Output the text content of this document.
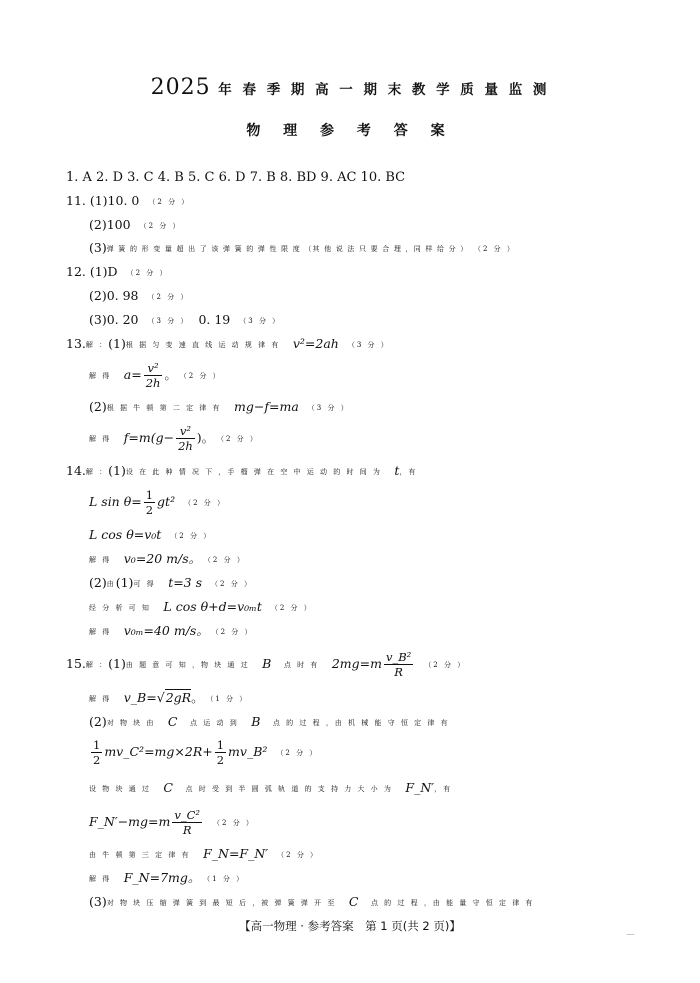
2025 年 春 季 期 高 一 期 末 教 学 质 量 监 测
物 理 参 考 答 案
1. A 2. D 3. C 4. B 5. C 6. D 7. B 8. BD 9. AC 10. BC
11. (1)10. 0　 （2 分 ）
(2)100　 （2 分 ）
(3)弹 簧 的 形 变 量 超 出 了 该 弹 簧 的 弹 性 限 度 （其 他 说 法 只 要 合 理 ，同 样 给 分 ）　 （2 分 ）
12. (1)D　 （2 分 ）
(2)0. 98　 （2 分 ）
(3)0. 20　 （3 分 ）　 0. 19　 （3 分 ）
13.解 ：(1)根 据 匀 变 速 直 线 运 动 规 律 有　 v²=2ah　 （3 分 ）
解 得　 $a= \frac{\text{v²}}{2h}$ 。　 （2 分 ）
(2)根 据 牛 顿 第 二 定 律 有　 mg−f=ma　 （3 分 ）
解 得　 $f=m(g- \frac{\text{v²}}{2h}$ )。　 （2 分 ）
14.解 ：(1)设 在 此 种 情 况 下 ，手 榴 弹 在 空 中 运 动 的 时 间 为　 t，有
L $\sin \theta= \frac{1}{2} gt^2$　 （2 分 ）
L cos θ=v₀t　 （2 分 ）
解 得　 v₀=20 m/s。　 （2 分 ）
(2)由(1)可 得　 t=3 s　 （2 分 ）
经 分 析 可 知　 L cos θ+d=v₀ₘt　 （2 分 ）
解 得　 v₀ₘ=40 m/s。　 （2 分 ）
15.解 ：(1)由 题 意 可 知 ，物 块 通 过　 B　 点 时 有　 $2mg=m \frac{\text{v\_B²}}{R}$
　 （2 分 ）
解 得　 v_B=√2gR。　 （1 分 ）
(2)对 物 块 由　 C　 点 运 动 到　 B　 点 的 过 程 ，由 机 械 能 守 恒 定 律 有
$\frac{1}{2}$ mv_C²=mg×2R+ $\frac{1}{2}$ mv_B²　 （2 分 ）
设 物 块 通 过　 C　 点 时 受 到 半 圆 弧 轨 道 的 支 持 力 大 小 为　 F_N′，有
F_N′−mg=m $\frac{\text{v\_C²}}{R}$
　 （2 分 ）
由 牛 顿 第 三 定 律 有　 F_N=F_N′　 （2 分 ）
解 得　 F_N=7mg。　 （1 分 ）
(3)对 物 块 压 缩 弹 簧 到 最 短 后 ，被 弹 簧 弹 开 至　 C　 点 的 过 程 ，由 能 量 守 恒 定 律 有
【高一物理 · 参考答案　第 1 页(共 2 页)】
—
